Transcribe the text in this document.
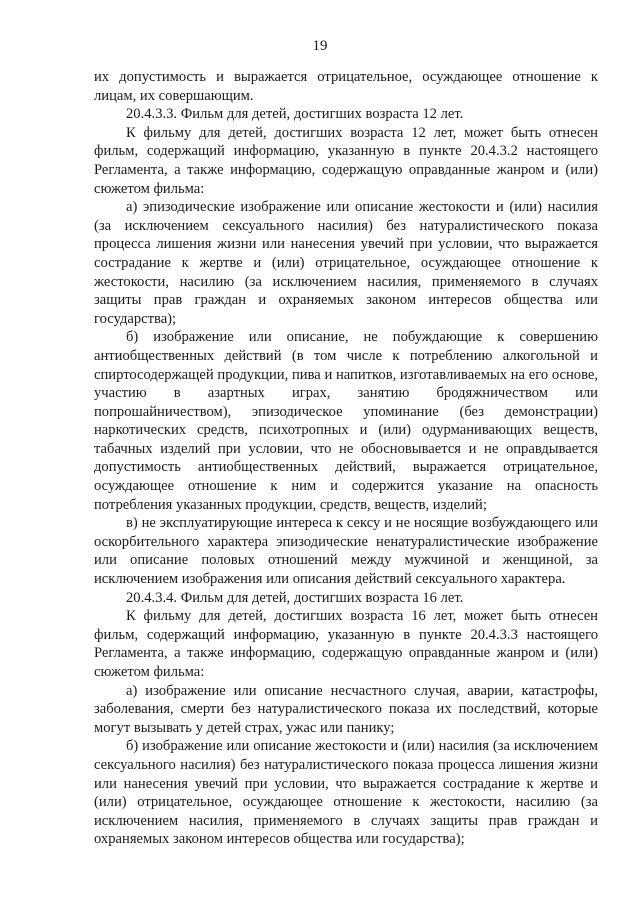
19

их допустимость и выражается отрицательное, осуждающее отношение к лицам, их совершающим.

20.4.3.3. Фильм для детей, достигших возраста 12 лет.

К фильму для детей, достигших возраста 12 лет, может быть отнесен фильм, содержащий информацию, указанную в пункте 20.4.3.2 настоящего Регламента, а также информацию, содержащую оправданные жанром и (или) сюжетом фильма:

а) эпизодические изображение или описание жестокости и (или) насилия (за исключением сексуального насилия) без натуралистического показа процесса лишения жизни или нанесения увечий при условии, что выражается сострадание к жертве и (или) отрицательное, осуждающее отношение к жестокости, насилию (за исключением насилия, применяемого в случаях защиты прав граждан и охраняемых законом интересов общества или государства);

б) изображение или описание, не побуждающие к совершению антиобщественных действий (в том числе к потреблению алкогольной и спиртосодержащей продукции, пива и напитков, изготавливаемых на его основе, участию в азартных играх, занятию бродяжничеством или попрошайничеством), эпизодическое упоминание (без демонстрации) наркотических средств, психотропных и (или) одурманивающих веществ, табачных изделий при условии, что не обосновывается и не оправдывается допустимость антиобщественных действий, выражается отрицательное, осуждающее отношение к ним и содержится указание на опасность потребления указанных продукции, средств, веществ, изделий;

в) не эксплуатирующие интереса к сексу и не носящие возбуждающего или оскорбительного характера эпизодические ненатуралистические изображение или описание половых отношений между мужчиной и женщиной, за исключением изображения или описания действий сексуального характера.

20.4.3.4. Фильм для детей, достигших возраста 16 лет.

К фильму для детей, достигших возраста 16 лет, может быть отнесен фильм, содержащий информацию, указанную в пункте 20.4.3.3 настоящего Регламента, а также информацию, содержащую оправданные жанром и (или) сюжетом фильма:

а) изображение или описание несчастного случая, аварии, катастрофы, заболевания, смерти без натуралистического показа их последствий, которые могут вызывать у детей страх, ужас или панику;

б) изображение или описание жестокости и (или) насилия (за исключением сексуального насилия) без натуралистического показа процесса лишения жизни или нанесения увечий при условии, что выражается сострадание к жертве и (или) отрицательное, осуждающее отношение к жестокости, насилию (за исключением насилия, применяемого в случаях защиты прав граждан и охраняемых законом интересов общества или государства);
